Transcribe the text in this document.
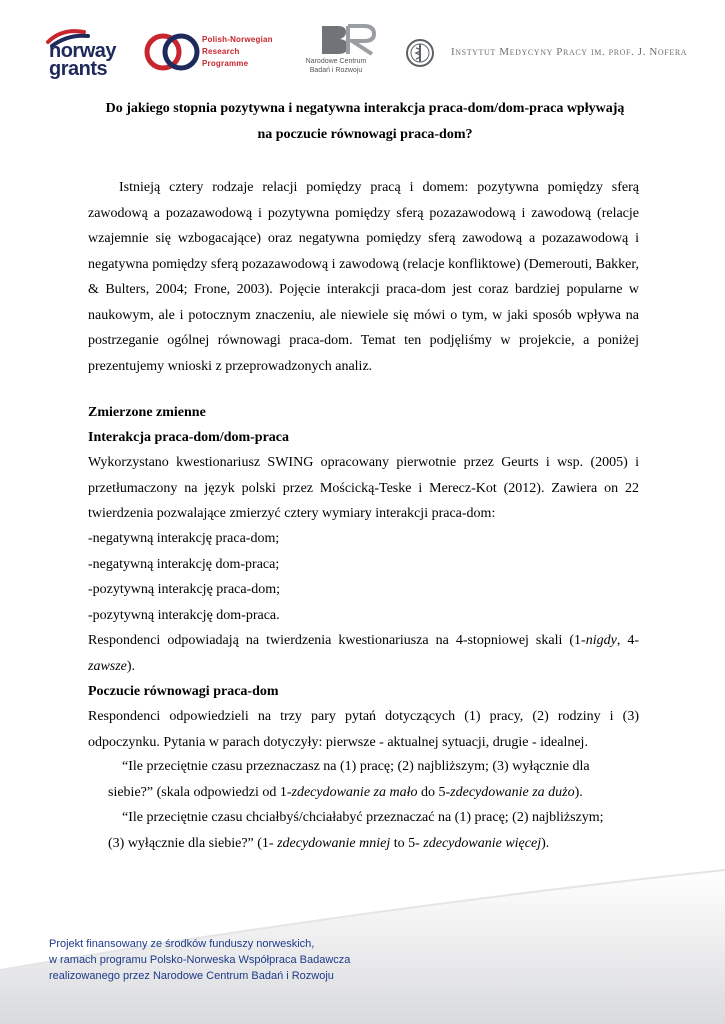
norway
grants
Polish-Norwegian
Research
Programme	Narodowe Centrum
Badań i Rozwoju
Instytut Medycyny Pracy im. prof. J. Nofera
Do jakiego stopnia pozytywna i negatywna interakcja praca-dom/dom-praca wpływają
na poczucie równowagi praca-dom?
Istnieją cztery rodzaje relacji pomiędzy pracą i domem: pozytywna pomiędzy sferą zawodową a pozazawodową i pozytywna pomiędzy sferą pozazawodową i zawodową (relacje wzajemnie się wzbogacające) oraz negatywna pomiędzy sferą zawodową a pozazawodową i negatywna pomiędzy sferą pozazawodową i zawodową (relacje konfliktowe) (Demerouti, Bakker, & Bulters, 2004; Frone, 2003). Pojęcie interakcji praca-dom jest coraz bardziej popularne w naukowym, ale i potocznym znaczeniu, ale niewiele się mówi o tym, w jaki sposób wpływa na postrzeganie ogólnej równowagi praca-dom. Temat ten podjęliśmy w projekcie, a poniżej prezentujemy wnioski z przeprowadzonych analiz.
Zmierzone zmienne
Interakcja praca-dom/dom-praca
Wykorzystano kwestionariusz SWING opracowany pierwotnie przez Geurts i wsp. (2005) i przetłumaczony na język polski przez Mościcką-Teske i Merecz-Kot (2012). Zawiera on 22 twierdzenia pozwalające zmierzyć cztery wymiary interakcji praca-dom:
-negatywną interakcję praca-dom;
-negatywną interakcję dom-praca;
-pozytywną interakcję praca-dom;
-pozytywną interakcję dom-praca.
Respondenci odpowiadają na twierdzenia kwestionariusza na 4-stopniowej skali (1-nigdy, 4-zawsze).
Poczucie równowagi praca-dom
Respondenci odpowiedzieli na trzy pary pytań dotyczących (1) pracy, (2) rodziny i (3) odpoczynku. Pytania w parach dotyczyły: pierwsze - aktualnej sytuacji, drugie - idealnej.
“Ile przeciętnie czasu przeznaczasz na (1) pracę; (2) najbliższym; (3) wyłącznie dla
siebie?” (skala odpowiedzi od 1-zdecydowanie za mało do 5-zdecydowanie za dużo).
“Ile przeciętnie czasu chciałbyś/chciałabyć przeznaczać na (1) pracę; (2) najbliższym;
(3) wyłącznie dla siebie?” (1- zdecydowanie mniej to 5- zdecydowanie więcej).
Projekt finansowany ze środków funduszy norweskich,
w ramach programu Polsko-Norweska Współpraca Badawcza
realizowanego przez Narodowe Centrum Badań i Rozwoju
